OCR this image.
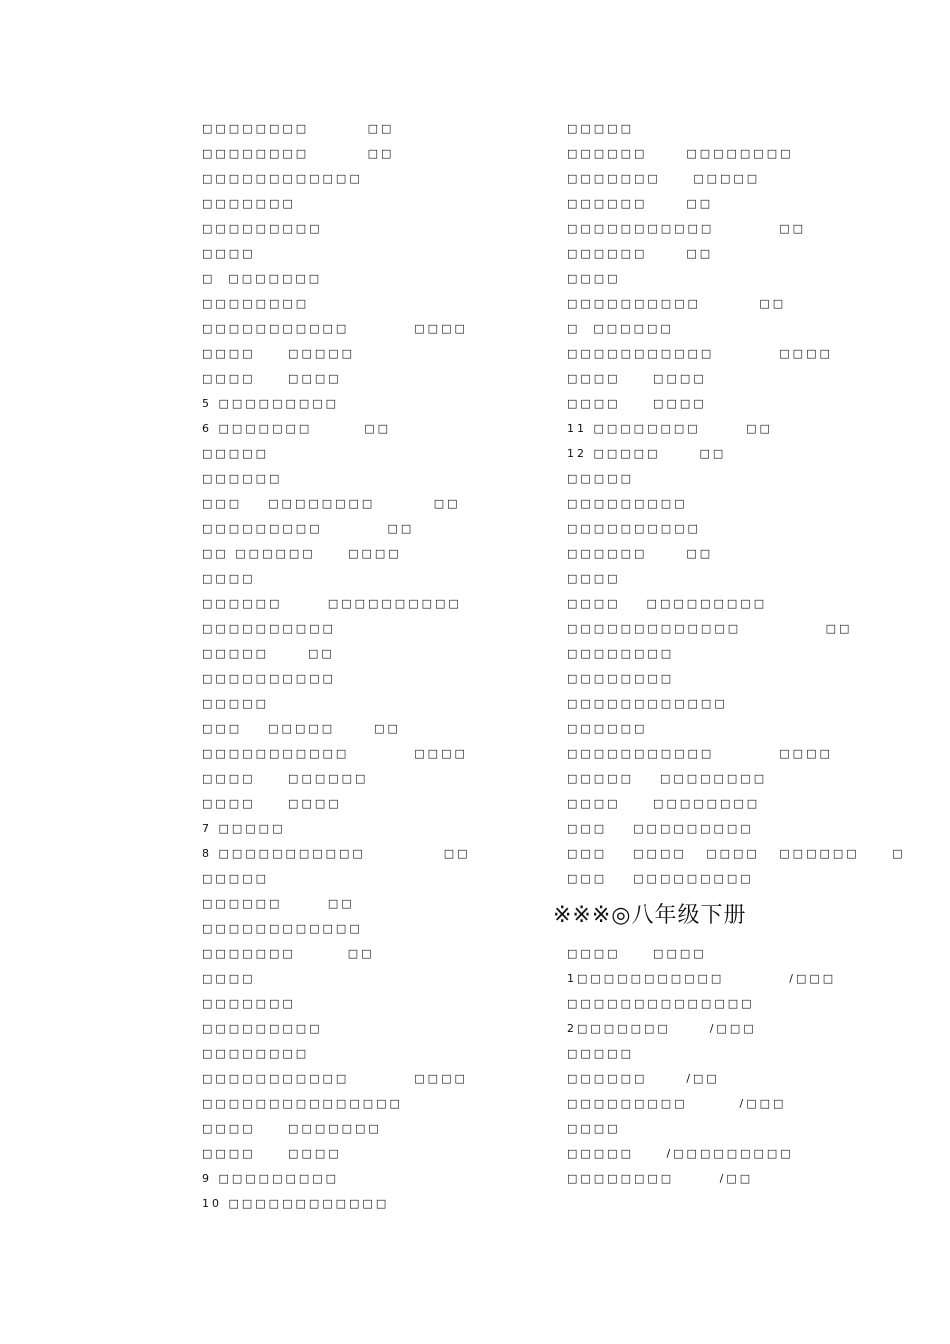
□□□□□□□□         □□
□□□□□□□□         □□
□□□□□□□□□□□□
□□□□□□□
□□□□□□□□□
□□□□
□  □□□□□□□
□□□□□□□□
□□□□□□□□□□□          □□□□
□□□□     □□□□□
□□□□     □□□□
5 □□□□□□□□□
6 □□□□□□□        □□
□□□□□
□□□□□□
□□□    □□□□□□□□         □□
□□□□□□□□□          □□
□□ □□□□□□     □□□□
□□□□
□□□□□□       □□□□□□□□□□
□□□□□□□□□□
□□□□□      □□
□□□□□□□□□□
□□□□□
□□□    □□□□□      □□
□□□□□□□□□□□          □□□□
□□□□     □□□□□□
□□□□     □□□□
7 □□□□□
8 □□□□□□□□□□□            □□
□□□□□
□□□□□□       □□
□□□□□□□□□□□□
□□□□□□□        □□
□□□□
□□□□□□□
□□□□□□□□□
□□□□□□□□
□□□□□□□□□□□          □□□□
□□□□□□□□□□□□□□□
□□□□     □□□□□□□
□□□□     □□□□
9 □□□□□□□□□
10 □□□□□□□□□□□□
□□□□□
□□□□□□      □□□□□□□□
□□□□□□□     □□□□□
□□□□□□      □□
□□□□□□□□□□□          □□
□□□□□□      □□
□□□□
□□□□□□□□□□         □□
□  □□□□□□
□□□□□□□□□□□          □□□□
□□□□     □□□□
□□□□     □□□□
11 □□□□□□□□       □□
12 □□□□□      □□
□□□□□
□□□□□□□□□
□□□□□□□□□□
□□□□□□      □□
□□□□
□□□□    □□□□□□□□□
□□□□□□□□□□□□□             □□
□□□□□□□□
□□□□□□□□
□□□□□□□□□□□□
□□□□□□
□□□□□□□□□□□          □□□□
□□□□□    □□□□□□□□
□□□□     □□□□□□□□
□□□    □□□□□□□□□
□□□    □□□□   □□□□   □□□□□□     □
□□□    □□□□□□□□□
※※※◎八年级下册
□□□□     □□□□
1□□□□□□□□□□□          /□□□
□□□□□□□□□□□□□□
2□□□□□□□      /□□□
□□□□□
□□□□□□      /□□
□□□□□□□□□        /□□□
□□□□
□□□□□     /□□□□□□□□□
□□□□□□□□       /□□
